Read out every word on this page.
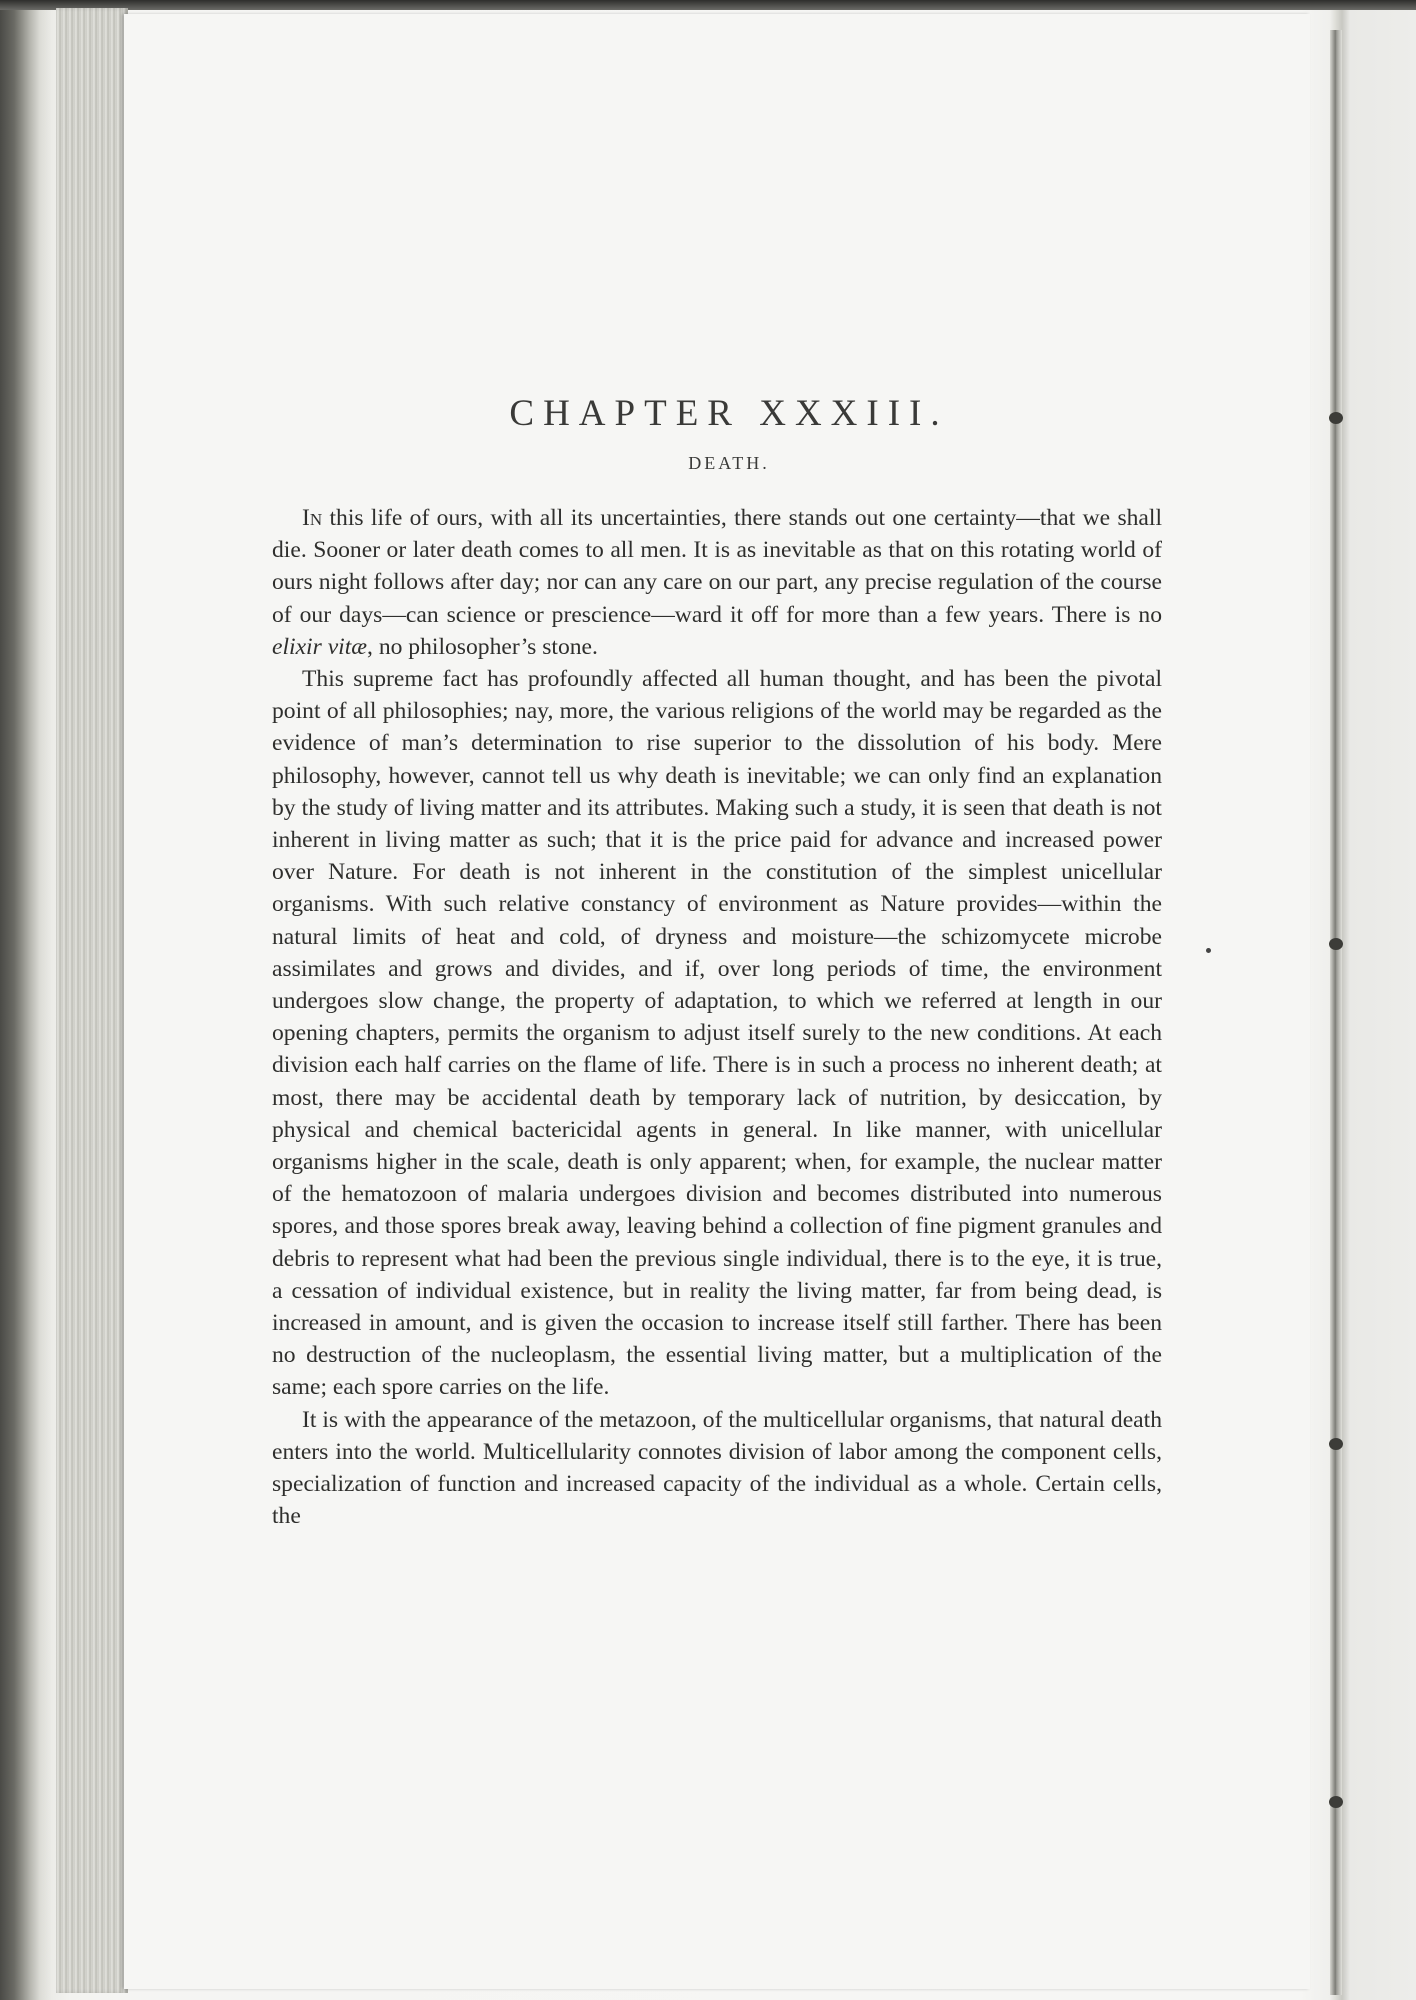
CHAPTER XXXIII.
DEATH.

In this life of ours, with all its uncertainties, there stands out one certainty—that we shall die. Sooner or later death comes to all men. It is as inevitable as that on this rotating world of ours night follows after day; nor can any care on our part, any precise regulation of the course of our days—can science or prescience—ward it off for more than a few years. There is no elixir vitæ, no philosopher’s stone.

This supreme fact has profoundly affected all human thought, and has been the pivotal point of all philosophies; nay, more, the various religions of the world may be regarded as the evidence of man’s determination to rise superior to the dissolution of his body. Mere philosophy, however, cannot tell us why death is inevitable; we can only find an explanation by the study of living matter and its attributes. Making such a study, it is seen that death is not inherent in living matter as such; that it is the price paid for advance and increased power over Nature. For death is not inherent in the constitution of the simplest unicellular organisms. With such relative constancy of environment as Nature provides—within the natural limits of heat and cold, of dryness and moisture—the schizomycete microbe assimilates and grows and divides, and if, over long periods of time, the environment undergoes slow change, the property of adaptation, to which we referred at length in our opening chapters, permits the organism to adjust itself surely to the new conditions. At each division each half carries on the flame of life. There is in such a process no inherent death; at most, there may be accidental death by temporary lack of nutrition, by desiccation, by physical and chemical bactericidal agents in general. In like manner, with unicellular organisms higher in the scale, death is only apparent; when, for example, the nuclear matter of the hematozoon of malaria undergoes division and becomes distributed into numerous spores, and those spores break away, leaving behind a collection of fine pigment granules and debris to represent what had been the previous single individual, there is to the eye, it is true, a cessation of individual existence, but in reality the living matter, far from being dead, is increased in amount, and is given the occasion to increase itself still farther. There has been no destruction of the nucleoplasm, the essential living matter, but a multiplication of the same; each spore carries on the life.

It is with the appearance of the metazoon, of the multicellular organisms, that natural death enters into the world. Multicellularity connotes division of labor among the component cells, specialization of function and increased capacity of the individual as a whole. Certain cells, the
